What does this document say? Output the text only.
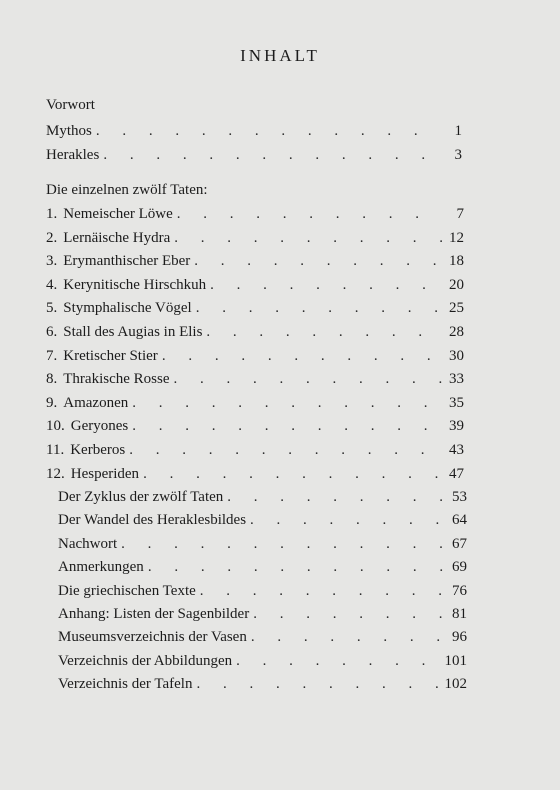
INHALT
Vorwort
Mythos . . .	1
Herakles . . .	3
Die einzelnen zwölf Taten:
1. Nemeischer Löwe . . .	7
2. Lernäische Hydra . . .	12
3. Erymanthischer Eber . . .	18
4. Kerynitische Hirschkuh . . .	20
5. Stymphalische Vögel . . .	25
6. Stall des Augias in Elis . . .	28
7. Kretischer Stier . . .	30
8. Thrakische Rosse . . .	33
9. Amazonen . . .	35
10. Geryones . . .	39
11. Kerberos . . .	43
12. Hesperiden . . .	47
Der Zyklus der zwölf Taten . . .	53
Der Wandel des Heraklesbildes . . .	64
Nachwort . . .	67
Anmerkungen . . .	69
Die griechischen Texte . . .	76
Anhang: Listen der Sagenbilder . . .	81
Museumsverzeichnis der Vasen . . .	96
Verzeichnis der Abbildungen . . .	101
Verzeichnis der Tafeln . . .	102
